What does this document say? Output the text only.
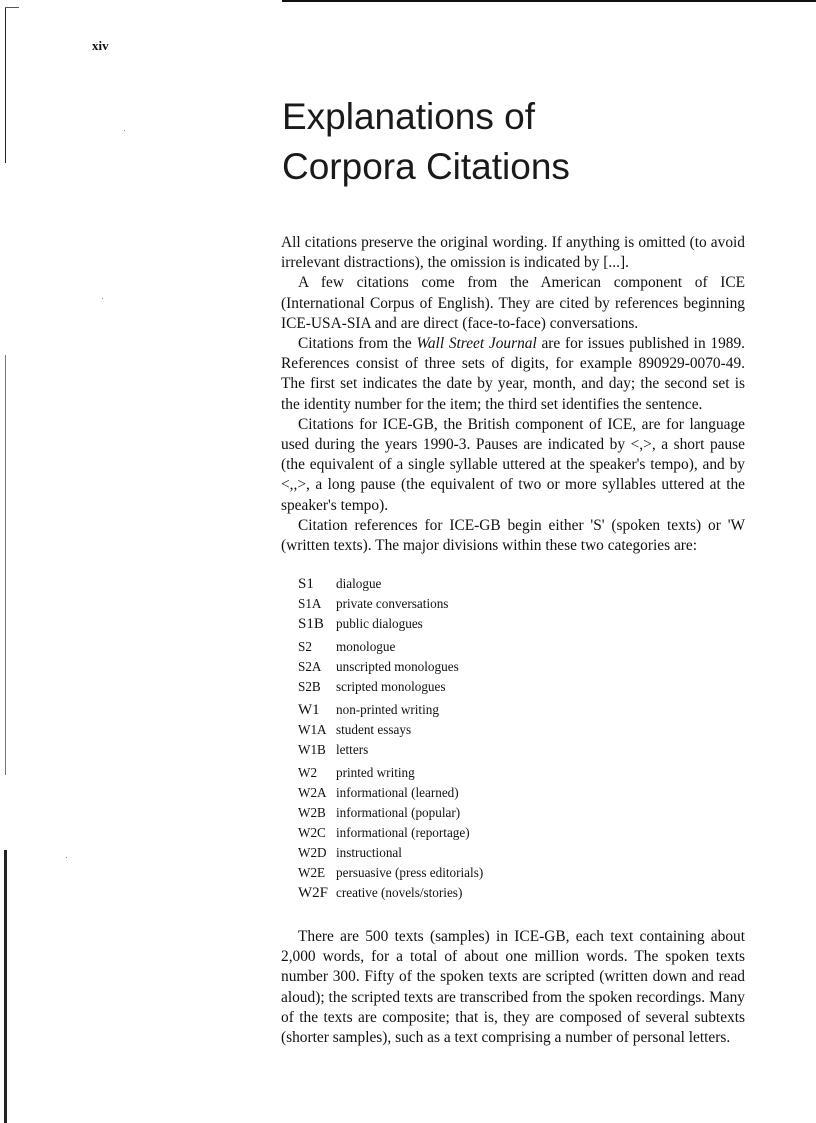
xiv
Explanations of
Corpora Citations

All citations preserve the original wording. If anything is omitted (to avoid irrelevant distractions), the omission is indicated by [...].

A few citations come from the American component of ICE (International Corpus of English). They are cited by references beginning ICE-USA-SIA and are direct (face-to-face) conversations.

Citations from the Wall Street Journal are for issues published in 1989. References consist of three sets of digits, for example 890929-0070-49. The first set indicates the date by year, month, and day; the second set is the identity number for the item; the third set identifies the sentence.

Citations for ICE-GB, the British component of ICE, are for language used during the years 1990-3. Pauses are indicated by <,>, a short pause (the equivalent of a single syllable uttered at the speaker's tempo), and by <,,>, a long pause (the equivalent of two or more syllables uttered at the speaker's tempo).

Citation references for ICE-GB begin either 'S' (spoken texts) or 'W (written texts). The major divisions within these two categories are:

S1	dialogue
S1A	private conversations
S1B public dialogues
S2	monologue
S2A	unscripted monologues
S2B	scripted monologues
W1	non-printed writing
W1A student essays
W1B letters
W2	printed writing
W2A informational (learned)
W2B informational (popular)
W2C informational (reportage)
W2D instructional
W2E persuasive (press editorials)
W2F creative (novels/stories)

There are 500 texts (samples) in ICE-GB, each text containing about 2,000 words, for a total of about one million words. The spoken texts number 300. Fifty of the spoken texts are scripted (written down and read aloud); the scripted texts are transcribed from the spoken recordings. Many of the texts are composite; that is, they are composed of several subtexts (shorter samples), such as a text comprising a number of personal letters.
